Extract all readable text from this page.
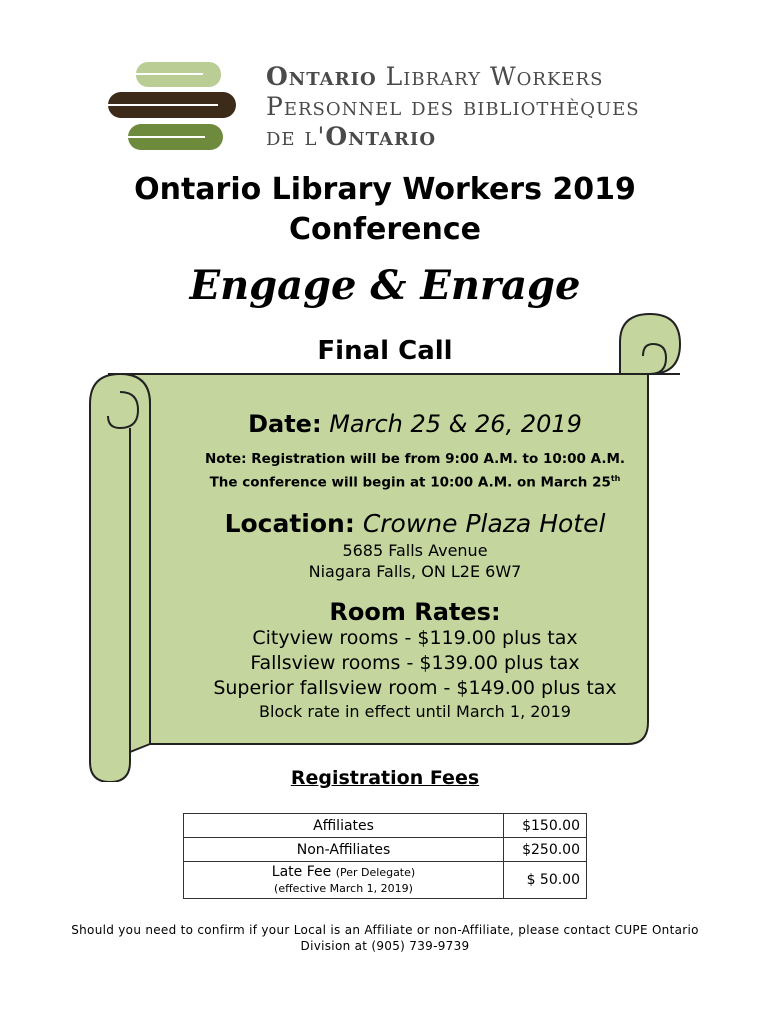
Ontario Library Workers
Personnel des bibliothèques
de l'Ontario
Ontario Library Workers 2019
Conference
Engage & Enrage
Final Call
Date: March 25 & 26, 2019
Note: Registration will be from 9:00 A.M. to 10:00 A.M.
The conference will begin at 10:00 A.M. on March 25th
Location: Crowne Plaza Hotel
5685 Falls Avenue
Niagara Falls, ON L2E 6W7
Room Rates:
Cityview rooms - $119.00 plus tax
Fallsview rooms - $139.00 plus tax
Superior fallsview room - $149.00 plus tax
Block rate in effect until March 1, 2019
Registration Fees
Affiliates	$150.00
Non-Affiliates	$250.00
Late Fee (Per Delegate)
(effective March 1, 2019)	$ 50.00
Should you need to confirm if your Local is an Affiliate or non-Affiliate, please contact CUPE Ontario
Division at (905) 739-9739
